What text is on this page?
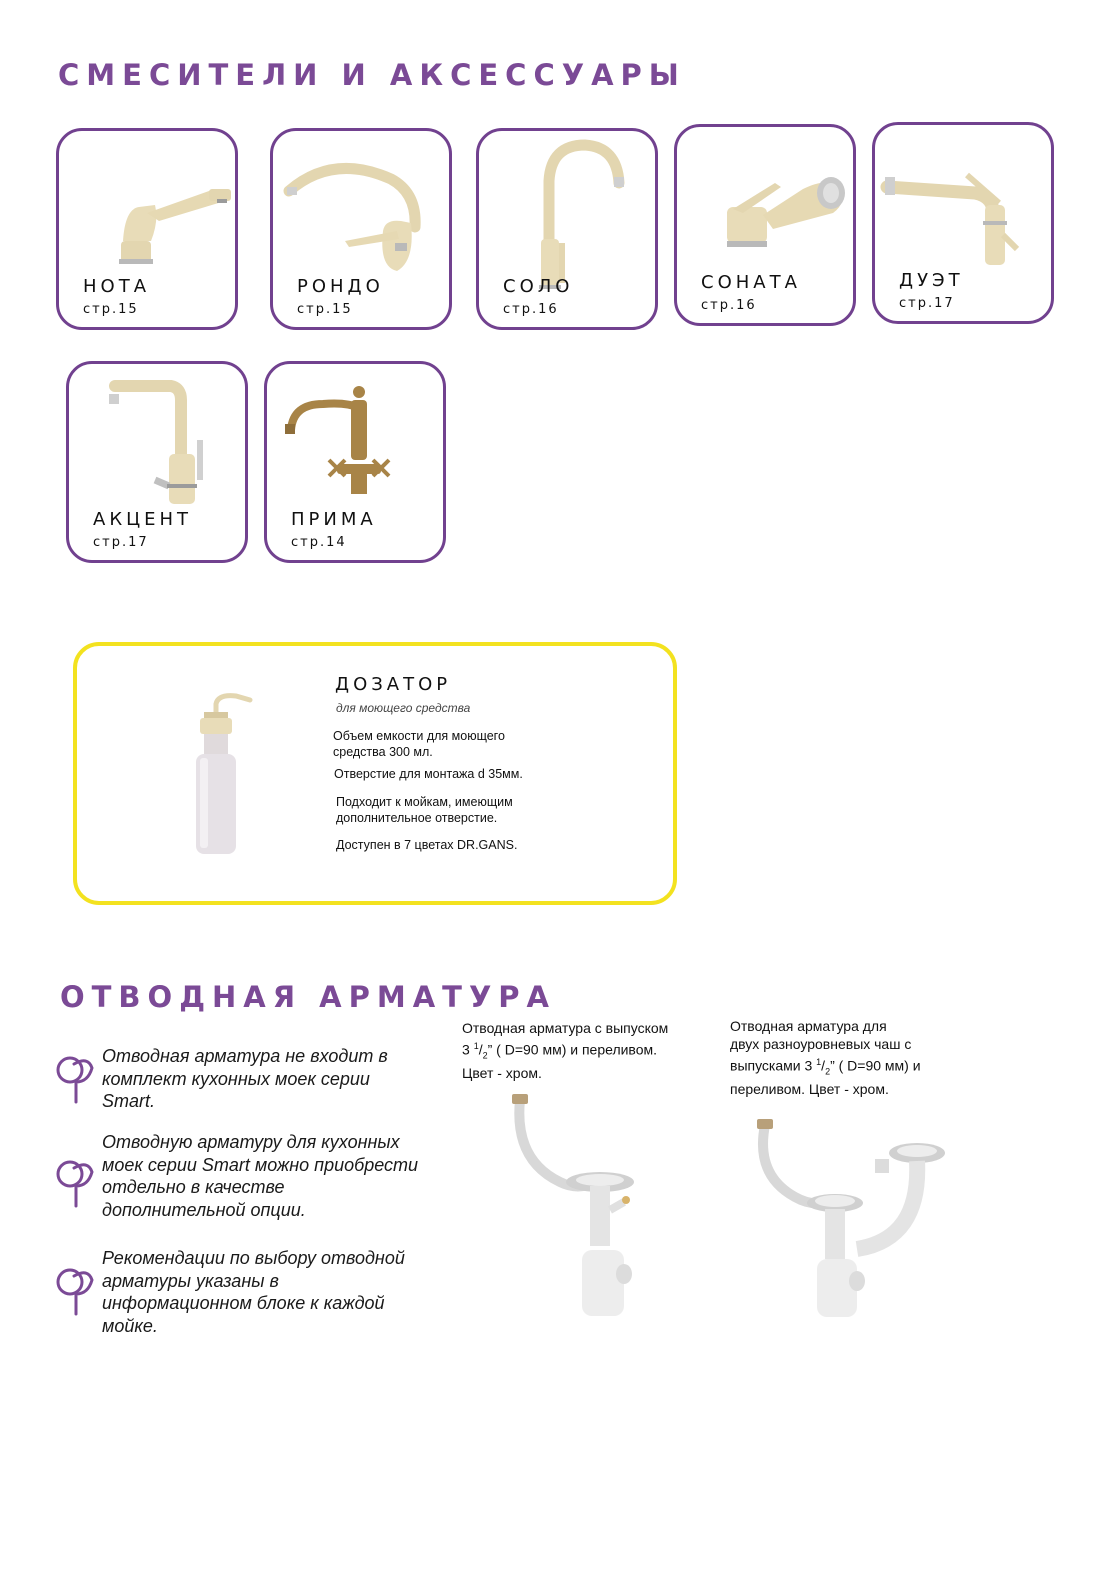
СМЕСИТЕЛИ И АКСЕССУАРЫ
НОТА
стр.15
РОНДО
стр.15
СОЛО
стр.16
СОНАТА
стр.16
ДУЭТ
стр.17
АКЦЕНТ
стр.17
ПРИМА
стр.14
ДОЗАТОР
для моющего средства
Объем емкости для моющего средства 300 мл.
Отверстие для монтажа d 35мм.
Подходит к мойкам, имеющим дополнительное отверстие.
Доступен в 7 цветах DR.GANS.
ОТВОДНАЯ АРМАТУРА
Отводная арматура не входит в комплект кухонных моек серии Smart.
Отводную арматуру для кухонных моек серии Smart можно приобрести отдельно в качестве дополнительной опции.
Рекомендации по выбору отводной арматуры указаны в информационном блоке к каждой мойке.
Отводная арматура с выпуском
3 $^1/_2$” ( D=90 мм) и переливом.
Цвет - хром.
Отводная арматура для
двух разноуровневых чаш с
выпусками 3 $^1/_2$” ( D=90 мм) и
переливом. Цвет - хром.
